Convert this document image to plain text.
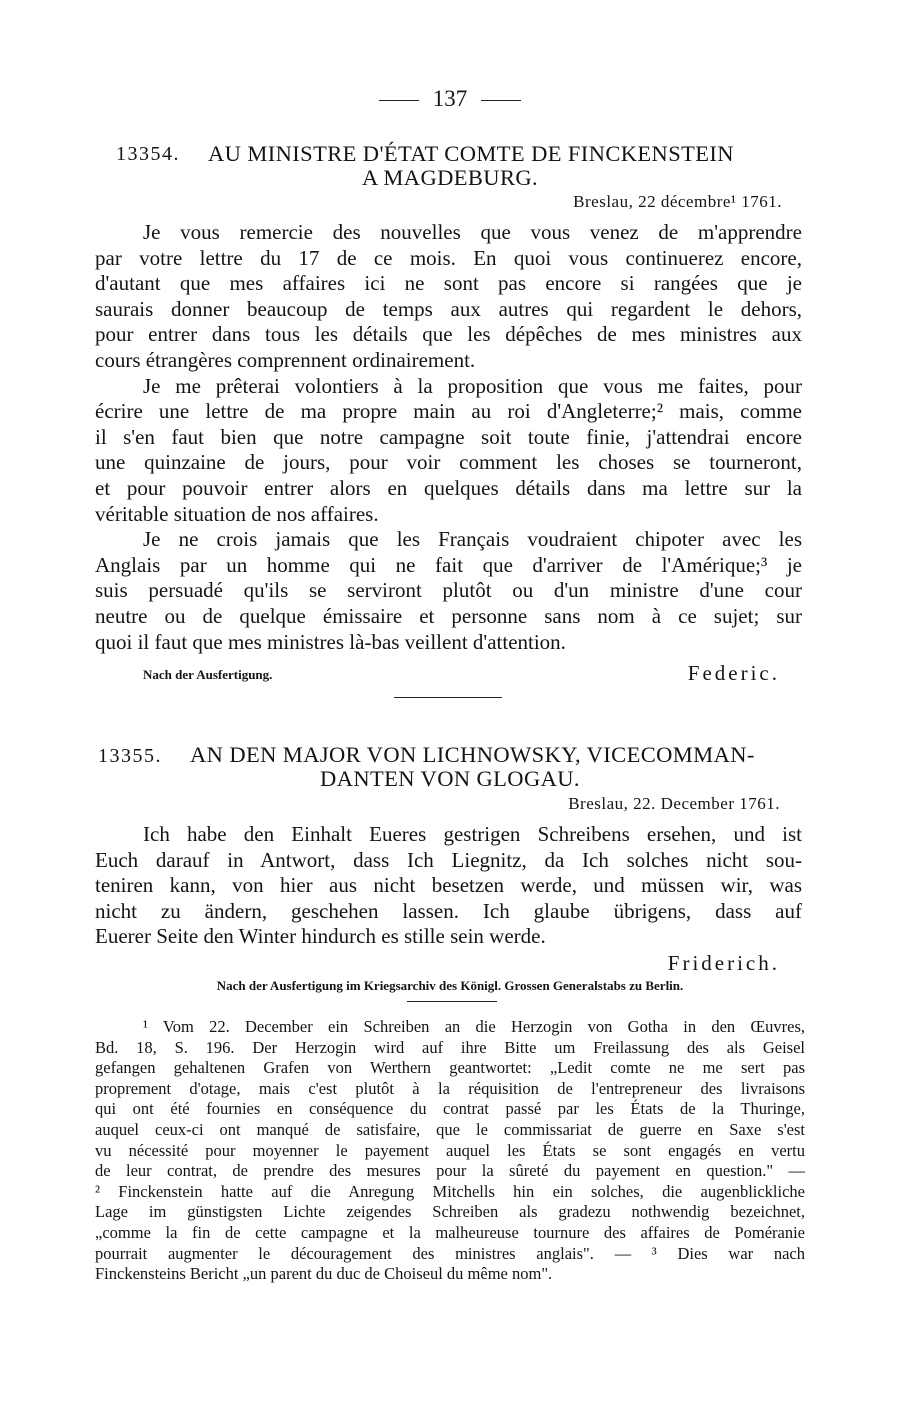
137
13354. AU MINISTRE D'ÉTAT COMTE DE FINCKENSTEIN
A MAGDEBURG.
Breslau, 22 décembre¹ 1761.
Je vous remercie des nouvelles que vous venez de m'apprendre
par votre lettre du 17 de ce mois. En quoi vous continuerez encore,
d'autant que mes affaires ici ne sont pas encore si rangées que je
saurais donner beaucoup de temps aux autres qui regardent le dehors,
pour entrer dans tous les détails que les dépêches de mes ministres aux
cours étrangères comprennent ordinairement.
Je me prêterai volontiers à la proposition que vous me faites, pour
écrire une lettre de ma propre main au roi d'Angleterre;² mais, comme
il s'en faut bien que notre campagne soit toute finie, j'attendrai encore
une quinzaine de jours, pour voir comment les choses se tourneront,
et pour pouvoir entrer alors en quelques détails dans ma lettre sur la
véritable situation de nos affaires.
Je ne crois jamais que les Français voudraient chipoter avec les
Anglais par un homme qui ne fait que d'arriver de l'Amérique;³ je
suis persuadé qu'ils se serviront plutôt ou d'un ministre d'une cour
neutre ou de quelque émissaire et personne sans nom à ce sujet; sur
quoi il faut que mes ministres là-bas veillent d'attention.
Nach der Ausfertigung.	Federic.
13355. AN DEN MAJOR VON LICHNOWSKY, VICECOMMAN-
DANTEN VON GLOGAU.
Breslau, 22. December 1761.
Ich habe den Einhalt Eueres gestrigen Schreibens ersehen, und ist
Euch darauf in Antwort, dass Ich Liegnitz, da Ich solches nicht sou-
teniren kann, von hier aus nicht besetzen werde, und müssen wir, was
nicht zu ändern, geschehen lassen. Ich glaube übrigens, dass auf
Euerer Seite den Winter hindurch es stille sein werde.
Friderich.
Nach der Ausfertigung im Kriegsarchiv des Königl. Grossen Generalstabs zu Berlin.
¹ Vom 22. December ein Schreiben an die Herzogin von Gotha in den Œuvres,
Bd. 18, S. 196. Der Herzogin wird auf ihre Bitte um Freilassung des als Geisel
gefangen gehaltenen Grafen von Werthern geantwortet: „Ledit comte ne me sert pas
proprement d'otage, mais c'est plutôt à la réquisition de l'entrepreneur des livraisons
qui ont été fournies en conséquence du contrat passé par les États de la Thuringe,
auquel ceux-ci ont manqué de satisfaire, que le commissariat de guerre en Saxe s'est
vu nécessité pour moyenner le payement auquel les États se sont engagés en vertu
de leur contrat, de prendre des mesures pour la sûreté du payement en question." —
² Finckenstein hatte auf die Anregung Mitchells hin ein solches, die augenblickliche
Lage im günstigsten Lichte zeigendes Schreiben als gradezu nothwendig bezeichnet,
„comme la fin de cette campagne et la malheureuse tournure des affaires de Poméranie
pourrait augmenter le découragement des ministres anglais". — ³ Dies war nach
Finckensteins Bericht „un parent du duc de Choiseul du même nom".
